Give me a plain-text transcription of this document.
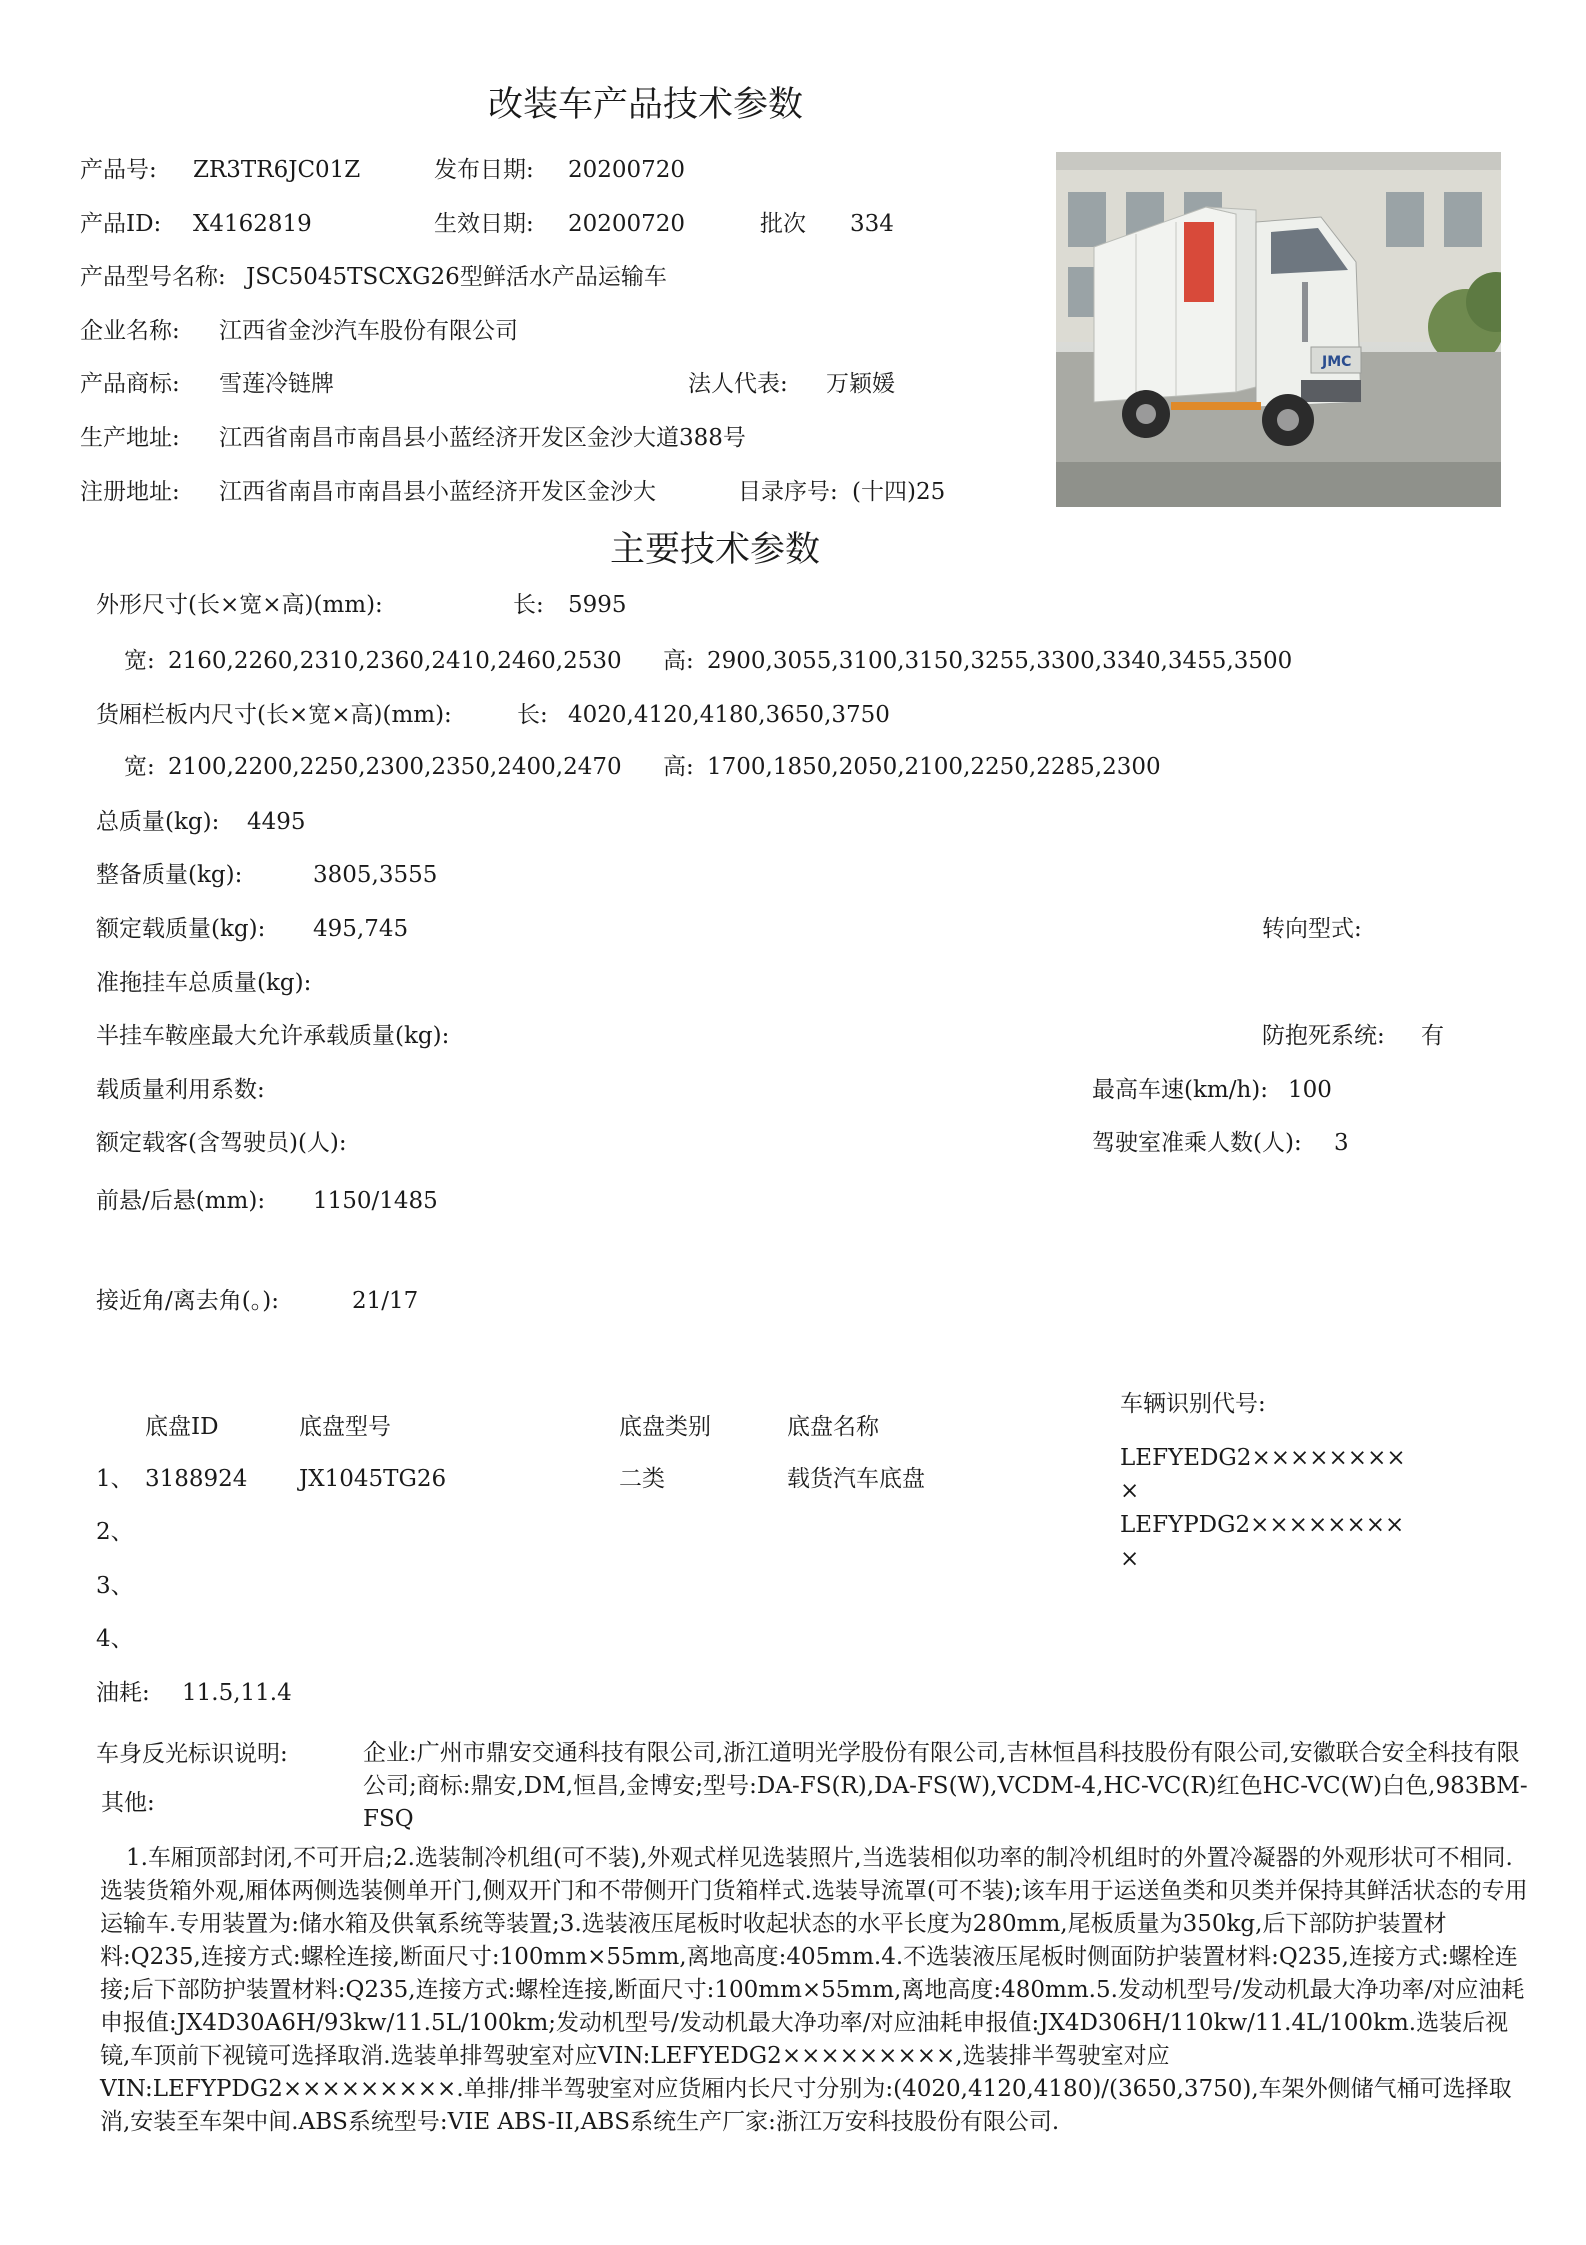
改装车产品技术参数
产品号: ZR3TR6JC01Z	发布日期: 20200720
产品ID: X4162819	生效日期: 20200720	批次 334
产品型号名称: JSC5045TSCXG26型鲜活水产品运输车
企业名称: 江西省金沙汽车股份有限公司
产品商标: 雪莲冷链牌	法人代表: 万颖媛
生产地址: 江西省南昌市南昌县小蓝经济开发区金沙大道388号
注册地址: 江西省南昌市南昌县小蓝经济开发区金沙大	目录序号: (十四)25
JMC
主要技术参数
外形尺寸(长×宽×高)(mm):	长: 5995
宽: 2160,2260,2310,2360,2410,2460,2530 高: 2900,3055,3100,3150,3255,3300,3340,3455,3500
货厢栏板内尺寸(长×宽×高)(mm):	长: 4020,4120,4180,3650,3750
宽: 2100,2200,2250,2300,2350,2400,2470 高: 1700,1850,2050,2100,2250,2285,2300
总质量(kg): 4495
整备质量(kg):	3805,3555
额定载质量(kg): 495,745	转向型式:
准拖挂车总质量(kg):
半挂车鞍座最大允许承载质量(kg):	防抱死系统: 有
载质量利用系数:	最高车速(km/h): 100
额定载客(含驾驶员)(人):	驾驶室准乘人数(人): 3
前悬/后悬(mm): 1150/1485
接近角/离去角(。):	21/17
底盘ID	底盘型号	底盘类别	底盘名称
车辆识别代号:
1、 3188924 JX1045TG26	二类	载货汽车底盘
LEFYEDG2××××××××
×
LEFYPDG2××××××××
×
2、
3、
4、
油耗: 11.5,11.4
车身反光标识说明:	企业:广州市鼎安交通科技有限公司,浙江道明光学股份有限公司,吉林恒昌科技股份有限公司,安徽联合安全科技有限公司;商标:鼎安,DM,恒昌,金博安;型号:DA-FS(R),DA-FS(W),VCDM-4,HC-VC(R)红色HC-VC(W)白色,983BM-FSQ
其他:
1.车厢顶部封闭,不可开启;2.选装制冷机组(可不装),外观式样见选装照片,当选装相似功率的制冷机组时的外置冷凝器的外观形状可不相同.选装货箱外观,厢体两侧选装侧单开门,侧双开门和不带侧开门货箱样式.选装导流罩(可不装);该车用于运送鱼类和贝类并保持其鲜活状态的专用运输车.专用装置为:储水箱及供氧系统等装置;3.选装液压尾板时收起状态的水平长度为280mm,尾板质量为350kg,后下部防护装置材料:Q235,连接方式:螺栓连接,断面尺寸:100mm×55mm,离地高度:405mm.4.不选装液压尾板时侧面防护装置材料:Q235,连接方式:螺栓连接;后下部防护装置材料:Q235,连接方式:螺栓连接,断面尺寸:100mm×55mm,离地高度:480mm.5.发动机型号/发动机最大净功率/对应油耗申报值:JX4D30A6H/93kw/11.5L/100km;发动机型号/发动机最大净功率/对应油耗申报值:JX4D306H/110kw/11.4L/100km.选装后视镜,车顶前下视镜可选择取消.选装单排驾驶室对应VIN:LEFYEDG2×××××××××,选装排半驾驶室对应VIN:LEFYPDG2×××××××××.单排/排半驾驶室对应货厢内长尺寸分别为:(4020,4120,4180)/(3650,3750),车架外侧储气桶可选择取消,安装至车架中间.ABS系统型号:VIE ABS-II,ABS系统生产厂家:浙江万安科技股份有限公司.
